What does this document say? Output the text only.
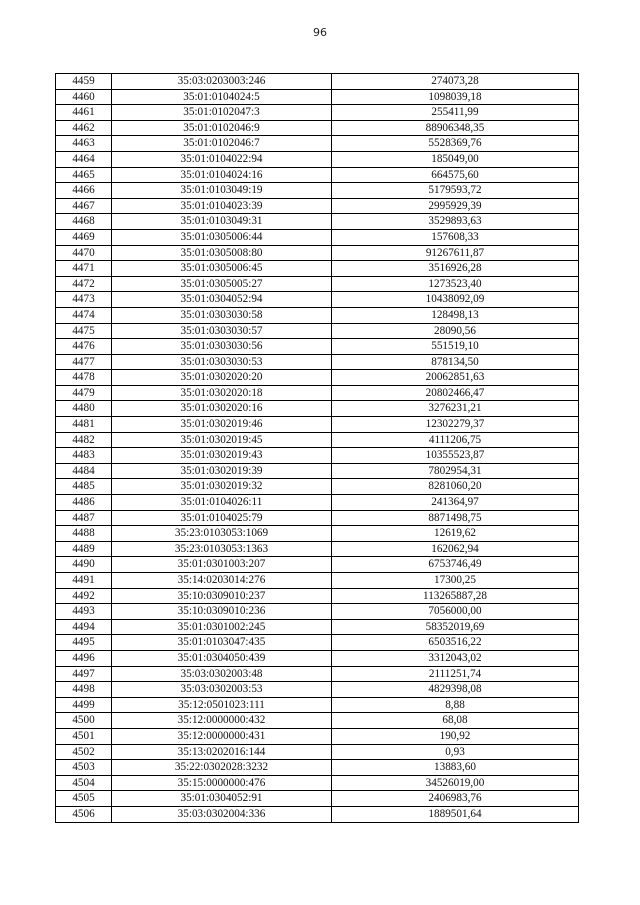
96
4459	35:03:0203003:246	274073,28
4460	35:01:0104024:5	1098039,18
4461	35:01:0102047:3	255411,99
4462	35:01:0102046:9	88906348,35
4463	35:01:0102046:7	5528369,76
4464	35:01:0104022:94	185049,00
4465	35:01:0104024:16	664575,60
4466	35:01:0103049:19	5179593,72
4467	35:01:0104023:39	2995929,39
4468	35:01:0103049:31	3529893,63
4469	35:01:0305006:44	157608,33
4470	35:01:0305008:80	91267611,87
4471	35:01:0305006:45	3516926,28
4472	35:01:0305005:27	1273523,40
4473	35:01:0304052:94	10438092,09
4474	35:01:0303030:58	128498,13
4475	35:01:0303030:57	28090,56
4476	35:01:0303030:56	551519,10
4477	35:01:0303030:53	878134,50
4478	35:01:0302020:20	20062851,63
4479	35:01:0302020:18	20802466,47
4480	35:01:0302020:16	3276231,21
4481	35:01:0302019:46	12302279,37
4482	35:01:0302019:45	4111206,75
4483	35:01:0302019:43	10355523,87
4484	35:01:0302019:39	7802954,31
4485	35:01:0302019:32	8281060,20
4486	35:01:0104026:11	241364,97
4487	35:01:0104025:79	8871498,75
4488	35:23:0103053:1069	12619,62
4489	35:23:0103053:1363	162062,94
4490	35:01:0301003:207	6753746,49
4491	35:14:0203014:276	17300,25
4492	35:10:0309010:237	113265887,28
4493	35:10:0309010:236	7056000,00
4494	35:01:0301002:245	58352019,69
4495	35:01:0103047:435	6503516,22
4496	35:01:0304050:439	3312043,02
4497	35:03:0302003:48	2111251,74
4498	35:03:0302003:53	4829398,08
4499	35:12:0501023:111	8,88
4500	35:12:0000000:432	68,08
4501	35:12:0000000:431	190,92
4502	35:13:0202016:144	0,93
4503	35:22:0302028:3232	13883,60
4504	35:15:0000000:476	34526019,00
4505	35:01:0304052:91	2406983,76
4506	35:03:0302004:336	1889501,64
